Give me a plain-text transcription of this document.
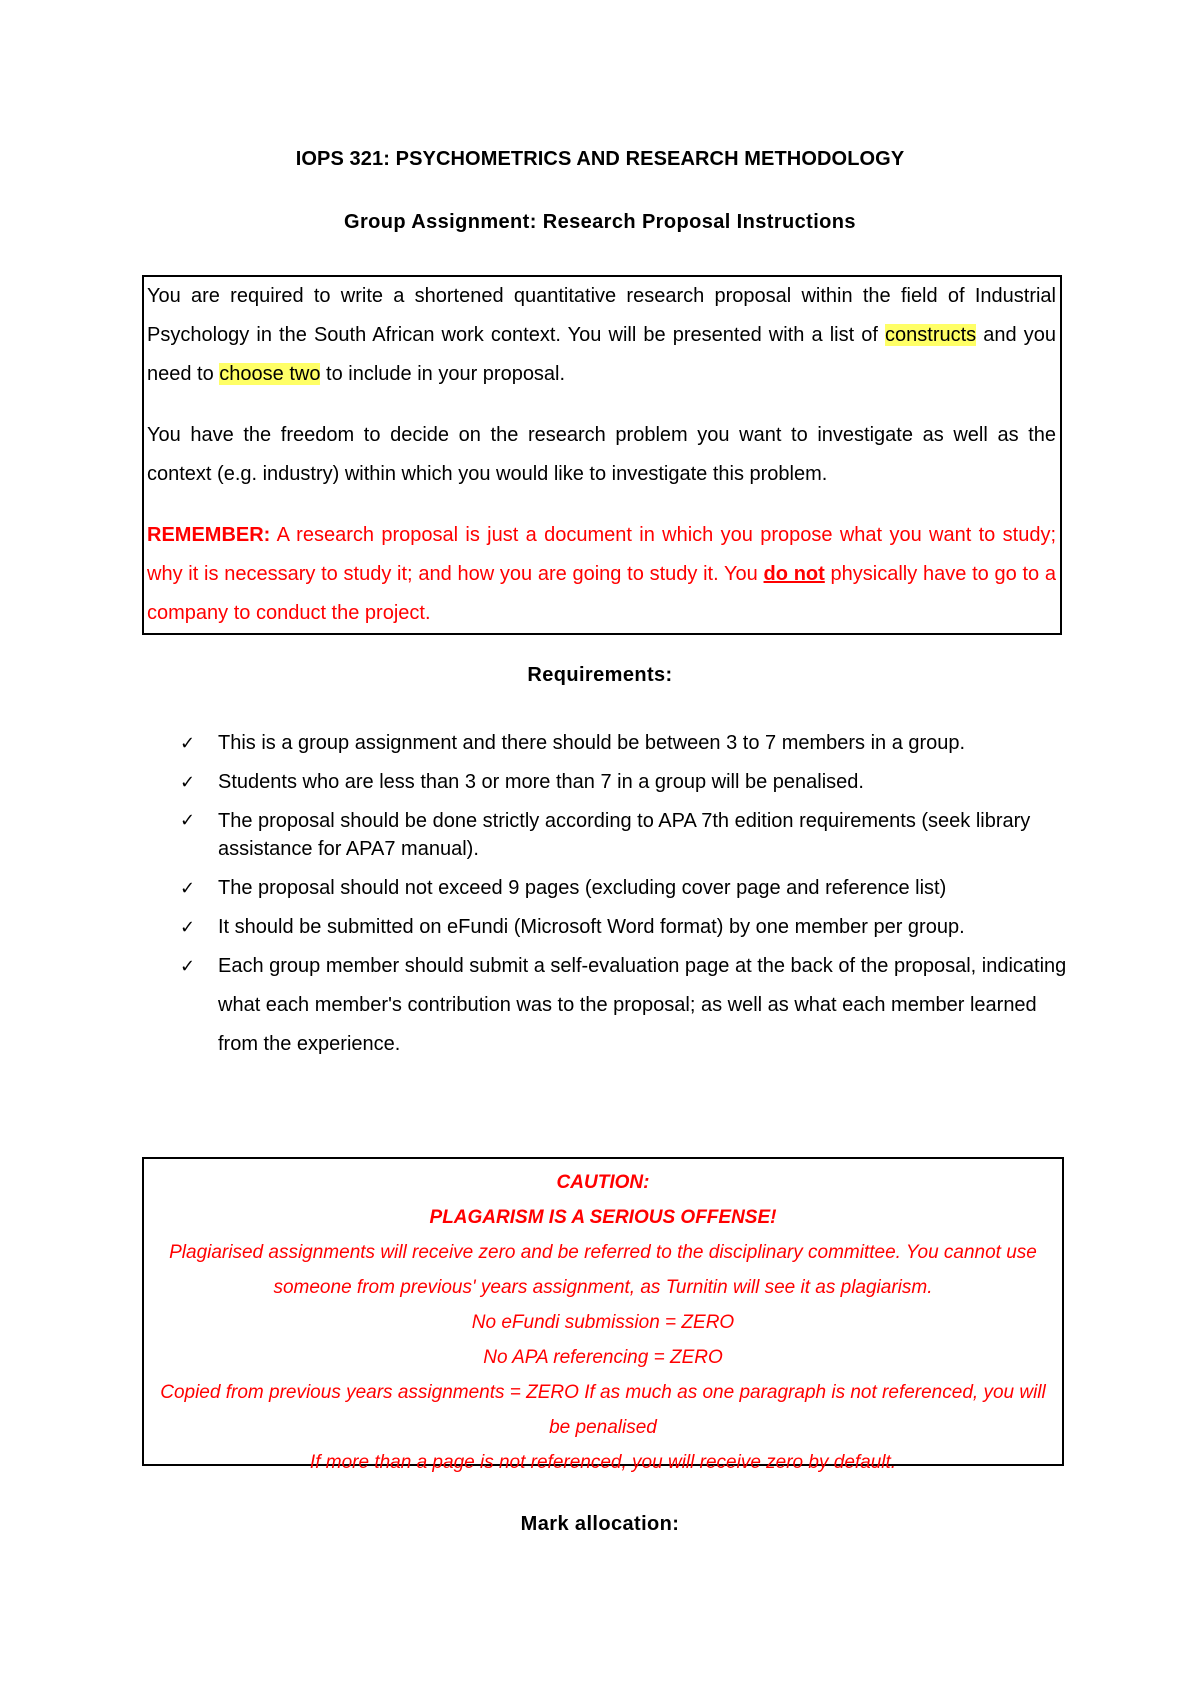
IOPS 321: PSYCHOMETRICS AND RESEARCH METHODOLOGY
Group Assignment: Research Proposal Instructions

You are required to write a shortened quantitative research proposal within the field of Industrial Psychology in the South African work context. You will be presented with a list of constructs and you need to choose two to include in your proposal.

You have the freedom to decide on the research problem you want to investigate as well as the context (e.g. industry) within which you would like to investigate this problem.

REMEMBER: A research proposal is just a document in which you propose what you want to study; why it is necessary to study it; and how you are going to study it. You do not physically have to go to a company to conduct the project.

Requirements:
✓ This is a group assignment and there should be between 3 to 7 members in a group.
✓ Students who are less than 3 or more than 7 in a group will be penalised.
✓ The proposal should be done strictly according to APA 7th edition requirements (seek library assistance for APA7 manual).
✓ The proposal should not exceed 9 pages (excluding cover page and reference list)
✓ It should be submitted on eFundi (Microsoft Word format) by one member per group.
✓ Each group member should submit a self-evaluation page at the back of the proposal, indicating what each member's contribution was to the proposal; as well as what each member learned from the experience.
CAUTION:
PLAGARISM IS A SERIOUS OFFENSE!
Plagiarised assignments will receive zero and be referred to the disciplinary committee. You cannot use someone from previous' years assignment, as Turnitin will see it as plagiarism.
No eFundi submission = ZERO
No APA referencing = ZERO
Copied from previous years assignments = ZERO If as much as one paragraph is not referenced, you will be penalised
If more than a page is not referenced, you will receive zero by default.
Mark allocation:
